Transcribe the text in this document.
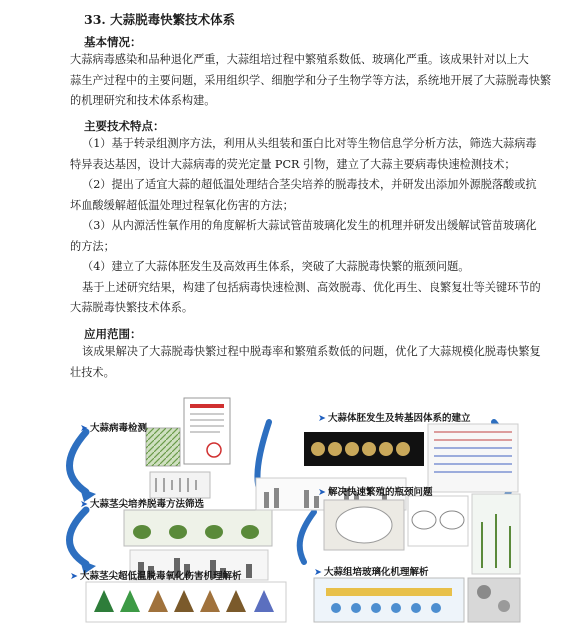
33. 大蒜脱毒快繁技术体系
基本情况：
大蒜病毒感染和品种退化严重，大蒜组培过程中繁殖系数低、玻璃化严重。该成果针对以上大
蒜生产过程中的主要问题，采用组织学、细胞学和分子生物学等方法，系统地开展了大蒜脱毒快繁
的机理研究和技术体系构建。
主要技术特点：
（1）基于转录组测序方法，利用从头组装和蛋白比对等生物信息学分析方法，筛选大蒜病毒
特异表达基因，设计大蒜病毒的荧光定量 PCR 引物，建立了大蒜主要病毒快速检测技术；
（2）提出了适宜大蒜的超低温处理结合茎尖培养的脱毒技术，并研发出添加外源脱落酸或抗
坏血酸缓解超低温处理过程氧化伤害的方法；
（3）从内源活性氧作用的角度解析大蒜试管苗玻璃化发生的机理并研发出缓解试管苗玻璃化
的方法；
（4）建立了大蒜体胚发生及高效再生体系，突破了大蒜脱毒快繁的瓶颈问题。
基于上述研究结果，构建了包括病毒快速检测、高效脱毒、优化再生、良繁复壮等关键环节的
大蒜脱毒快繁技术体系。
应用范围：
该成果解决了大蒜脱毒快繁过程中脱毒率和繁殖系数低的问题，优化了大蒜规模化脱毒快繁复
壮技术。
➤ 大蒜病毒检测
➤ 大蒜体胚发生及转基因体系的建立
➤ 大蒜茎尖培养脱毒方法筛选
➤ 解决快速繁殖的瓶颈问题
➤ 大蒜茎尖超低温脱毒氧化伤害机理解析	➤ 大蒜组培玻璃化机理解析
